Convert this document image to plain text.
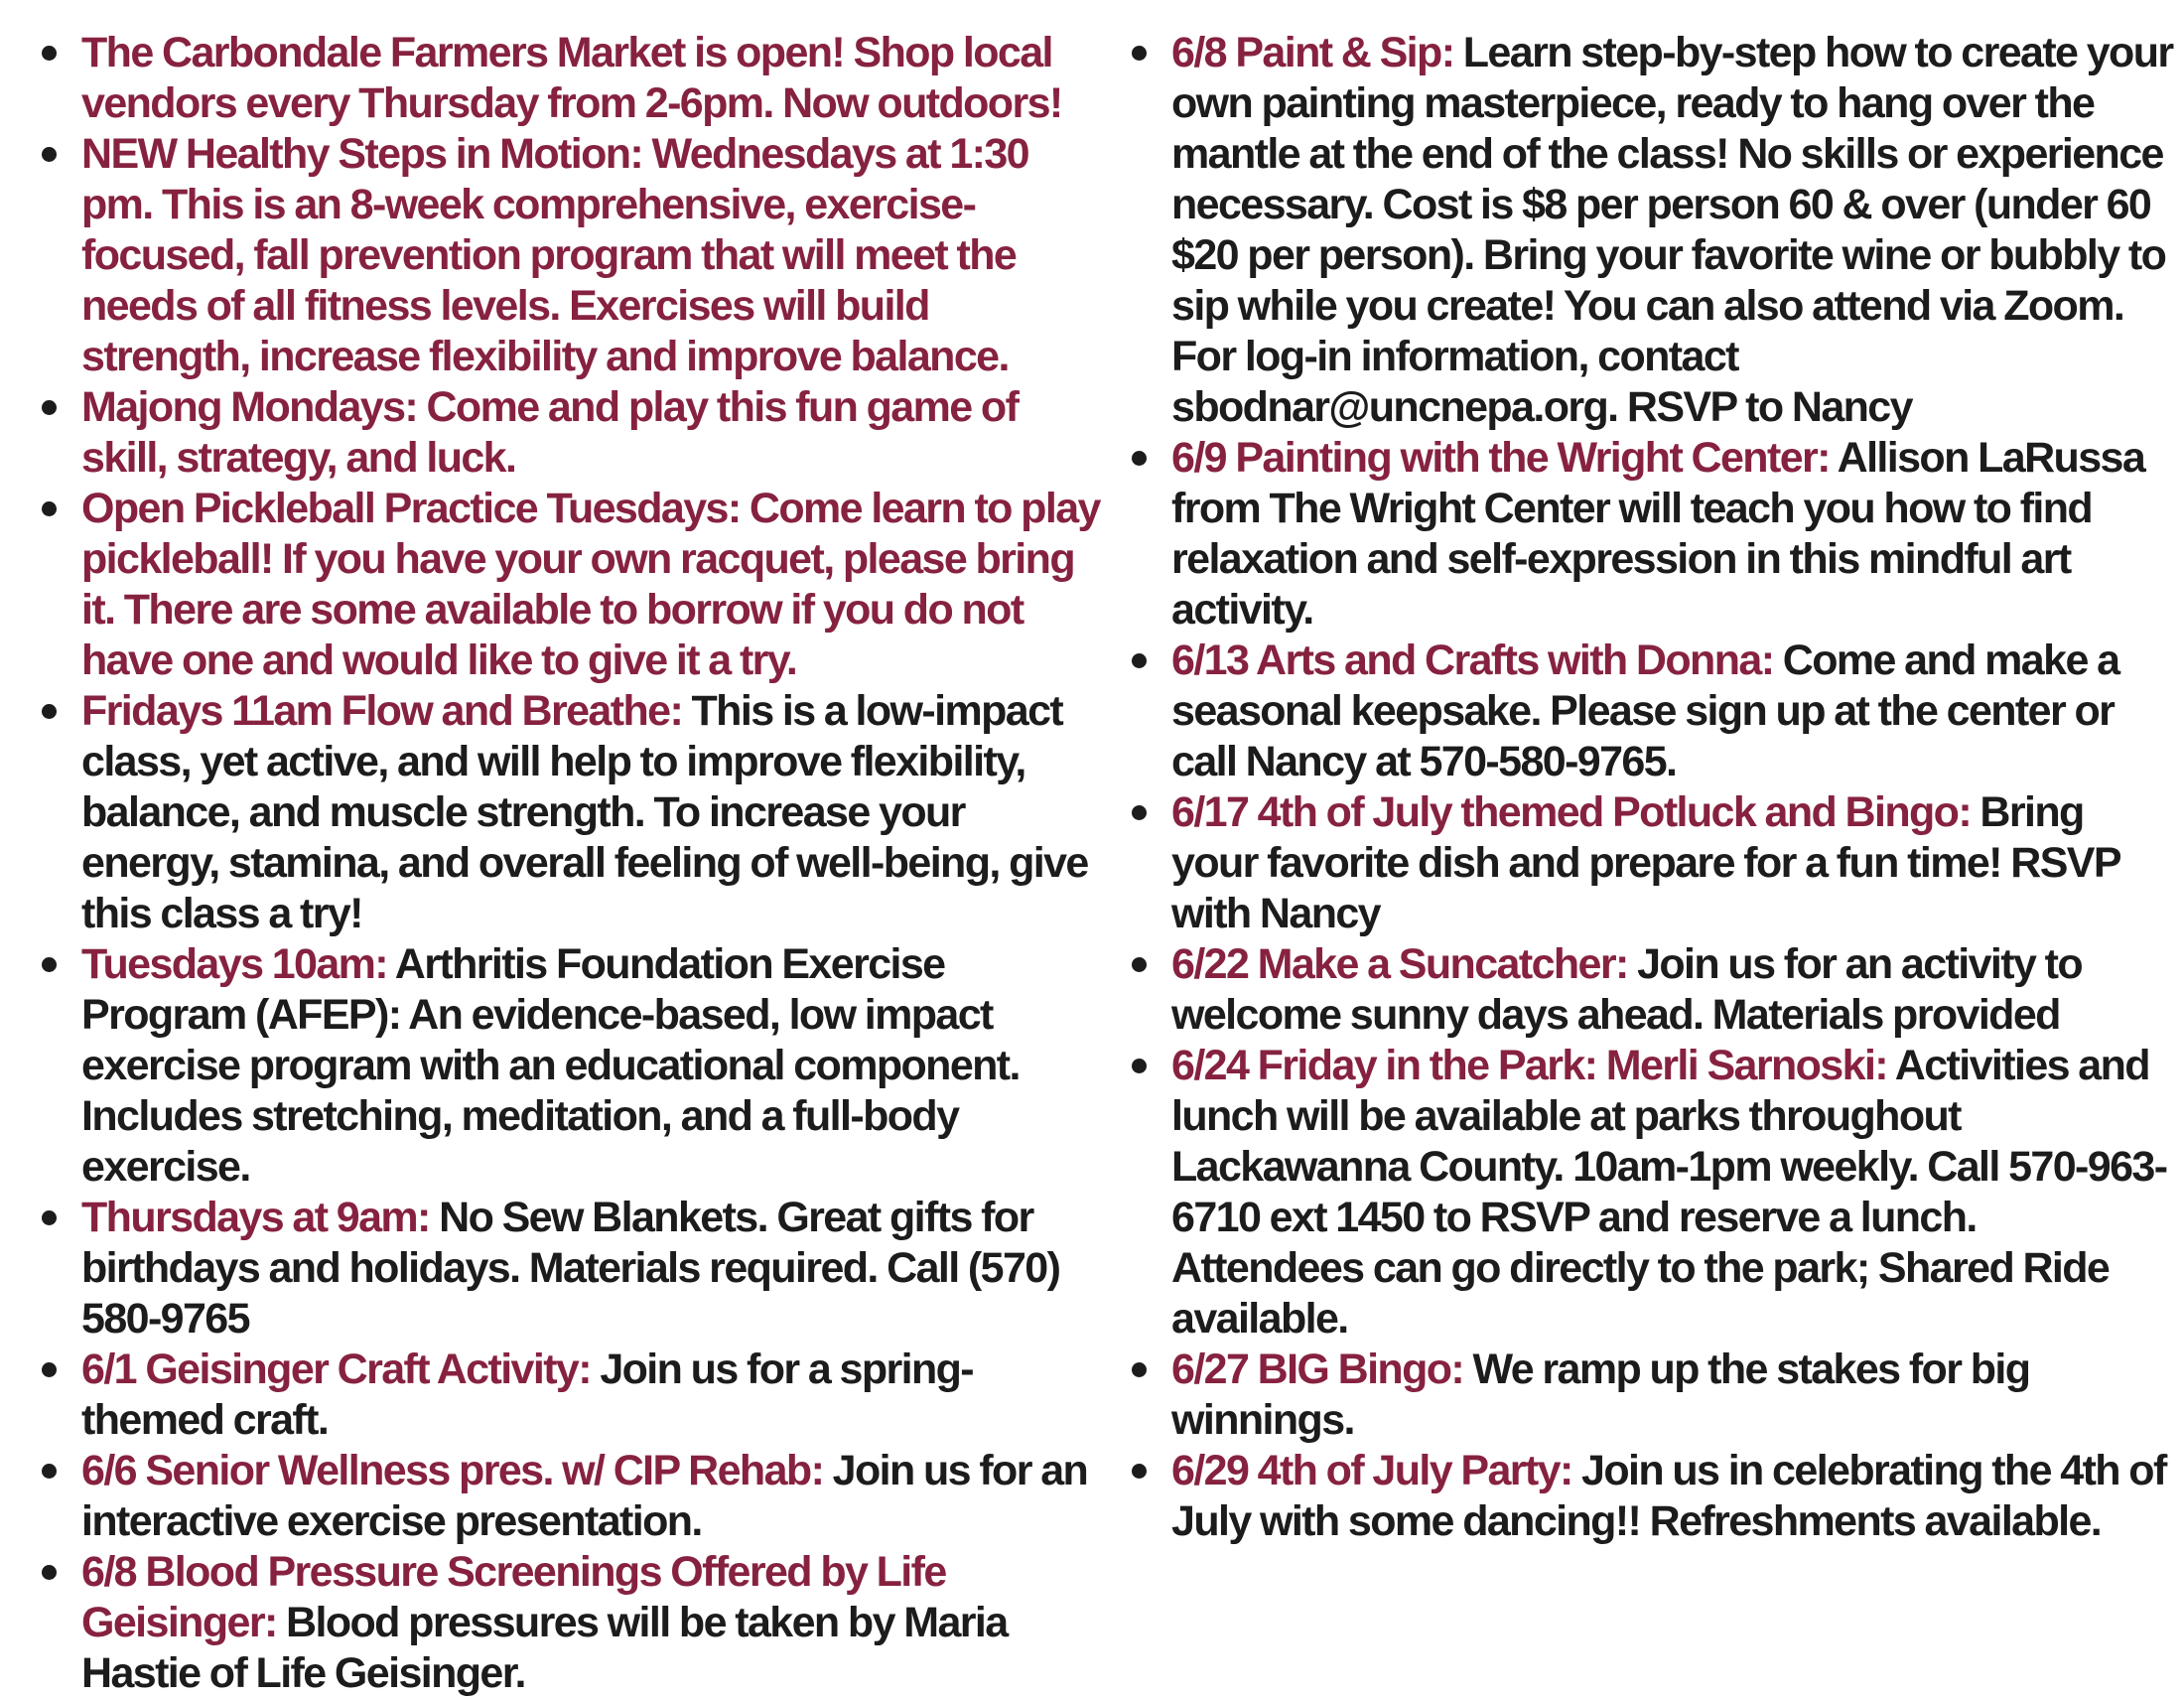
The Carbondale Farmers Market is open! Shop local vendors every Thursday from 2-6pm. Now outdoors!
NEW Healthy Steps in Motion: Wednesdays at 1:30 pm. This is an 8-week comprehensive, exercise-focused, fall prevention program that will meet the needs of all fitness levels. Exercises will build strength, increase flexibility and improve balance.
Majong Mondays: Come and play this fun game of skill, strategy, and luck.
Open Pickleball Practice Tuesdays: Come learn to play pickleball! If you have your own racquet, please bring it. There are some available to borrow if you do not have one and would like to give it a try.
Fridays 11am Flow and Breathe: This is a low-impact class, yet active, and will help to improve flexibility, balance, and muscle strength. To increase your energy, stamina, and overall feeling of well-being, give this class a try!
Tuesdays 10am: Arthritis Foundation Exercise Program (AFEP): An evidence-based, low impact exercise program with an educational component. Includes stretching, meditation, and a full-body exercise.
Thursdays at 9am: No Sew Blankets. Great gifts for birthdays and holidays. Materials required. Call (570) 580-9765
6/1 Geisinger Craft Activity: Join us for a spring-themed craft.
6/6 Senior Wellness pres. w/ CIP Rehab: Join us for an interactive exercise presentation.
6/8 Blood Pressure Screenings Offered by Life Geisinger: Blood pressures will be taken by Maria Hastie of Life Geisinger.
6/8 Paint & Sip: Learn step-by-step how to create your own painting masterpiece, ready to hang over the mantle at the end of the class! No skills or experience necessary. Cost is $8 per person 60 & over (under 60 $20 per person). Bring your favorite wine or bubbly to sip while you create! You can also attend via Zoom. For log-in information, contact sbodnar@uncnepa.org. RSVP to Nancy
6/9 Painting with the Wright Center: Allison LaRussa from The Wright Center will teach you how to find relaxation and self-expression in this mindful art activity.
6/13 Arts and Crafts with Donna: Come and make a seasonal keepsake. Please sign up at the center or call Nancy at 570-580-9765.
6/17 4th of July themed Potluck and Bingo: Bring your favorite dish and prepare for a fun time! RSVP with Nancy
6/22 Make a Suncatcher: Join us for an activity to welcome sunny days ahead. Materials provided
6/24 Friday in the Park: Merli Sarnoski: Activities and lunch will be available at parks throughout Lackawanna County. 10am-1pm weekly. Call 570-963-6710 ext 1450 to RSVP and reserve a lunch. Attendees can go directly to the park; Shared Ride available.
6/27 BIG Bingo: We ramp up the stakes for big winnings.
6/29 4th of July Party: Join us in celebrating the 4th of July with some dancing!! Refreshments available.
